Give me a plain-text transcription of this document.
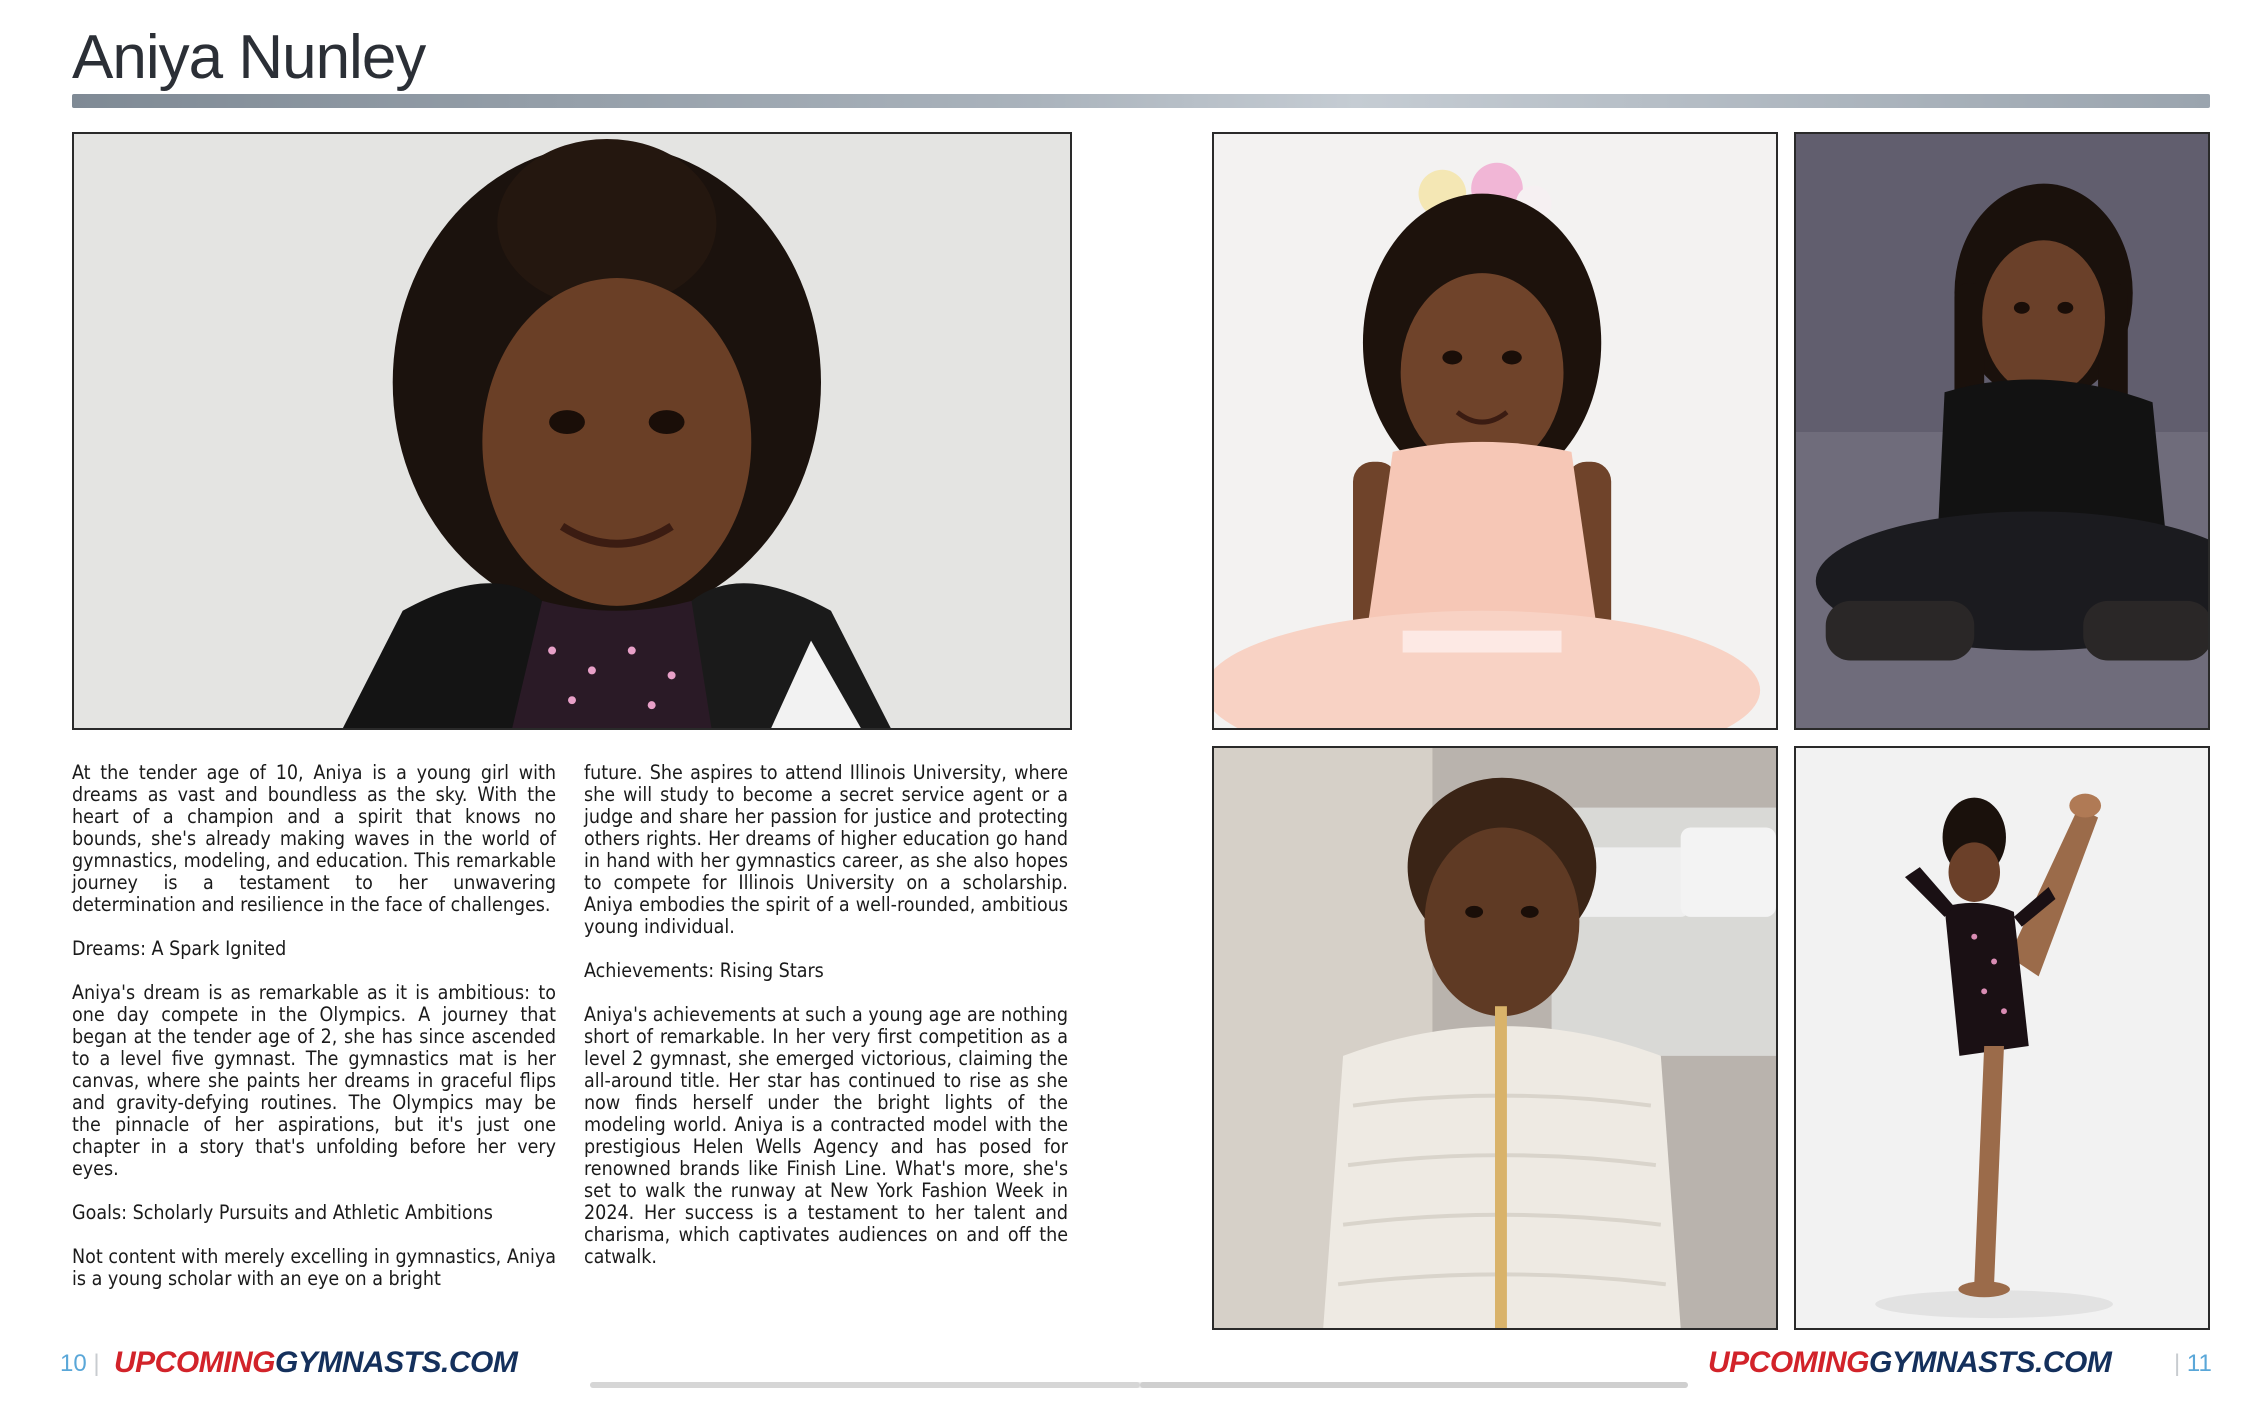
Aniya Nunley

At the tender age of 10, Aniya is a young girl with dreams as vast and boundless as the sky. With the heart of a champion and a spirit that knows no bounds, she's already making waves in the world of gymnastics, modeling, and education. This remarkable journey is a testament to her unwavering determination and resilience in the face of challenges.

Dreams: A Spark Ignited

Aniya's dream is as remarkable as it is ambitious: to one day compete in the Olympics. A journey that began at the tender age of 2, she has since ascended to a level five gymnast. The gymnastics mat is her canvas, where she paints her dreams in graceful flips and gravity-defying routines. The Olympics may be the pinnacle of her aspirations, but it's just one chapter in a story that's unfolding before her very eyes.

Goals: Scholarly Pursuits and Athletic Ambitions

Not content with merely excelling in gymnastics, Aniya is a young scholar with an eye on a bright

future. She aspires to attend Illinois University, where she will study to become a secret service agent or a judge and share her passion for justice and protecting others rights. Her dreams of higher education go hand in hand with her gymnastics career, as she also hopes to compete for Illinois University on a scholarship. Aniya embodies the spirit of a well-rounded, ambitious young individual.

Achievements: Rising Stars

Aniya's achievements at such a young age are nothing short of remarkable. In her very first competition as a level 2 gymnast, she emerged victorious, claiming the all-around title. Her star has continued to rise as she now finds herself under the bright lights of the modeling world. Aniya is a contracted model with the prestigious Helen Wells Agency and has posed for renowned brands like Finish Line. What's more, she's set to walk the runway at New York Fashion Week in 2024. Her success is a testament to her talent and charisma, which captivates audiences on and off the catwalk.

10 | UPCOMINGGYMNASTS.COM	UPCOMINGGYMNASTS.COM	| 11
